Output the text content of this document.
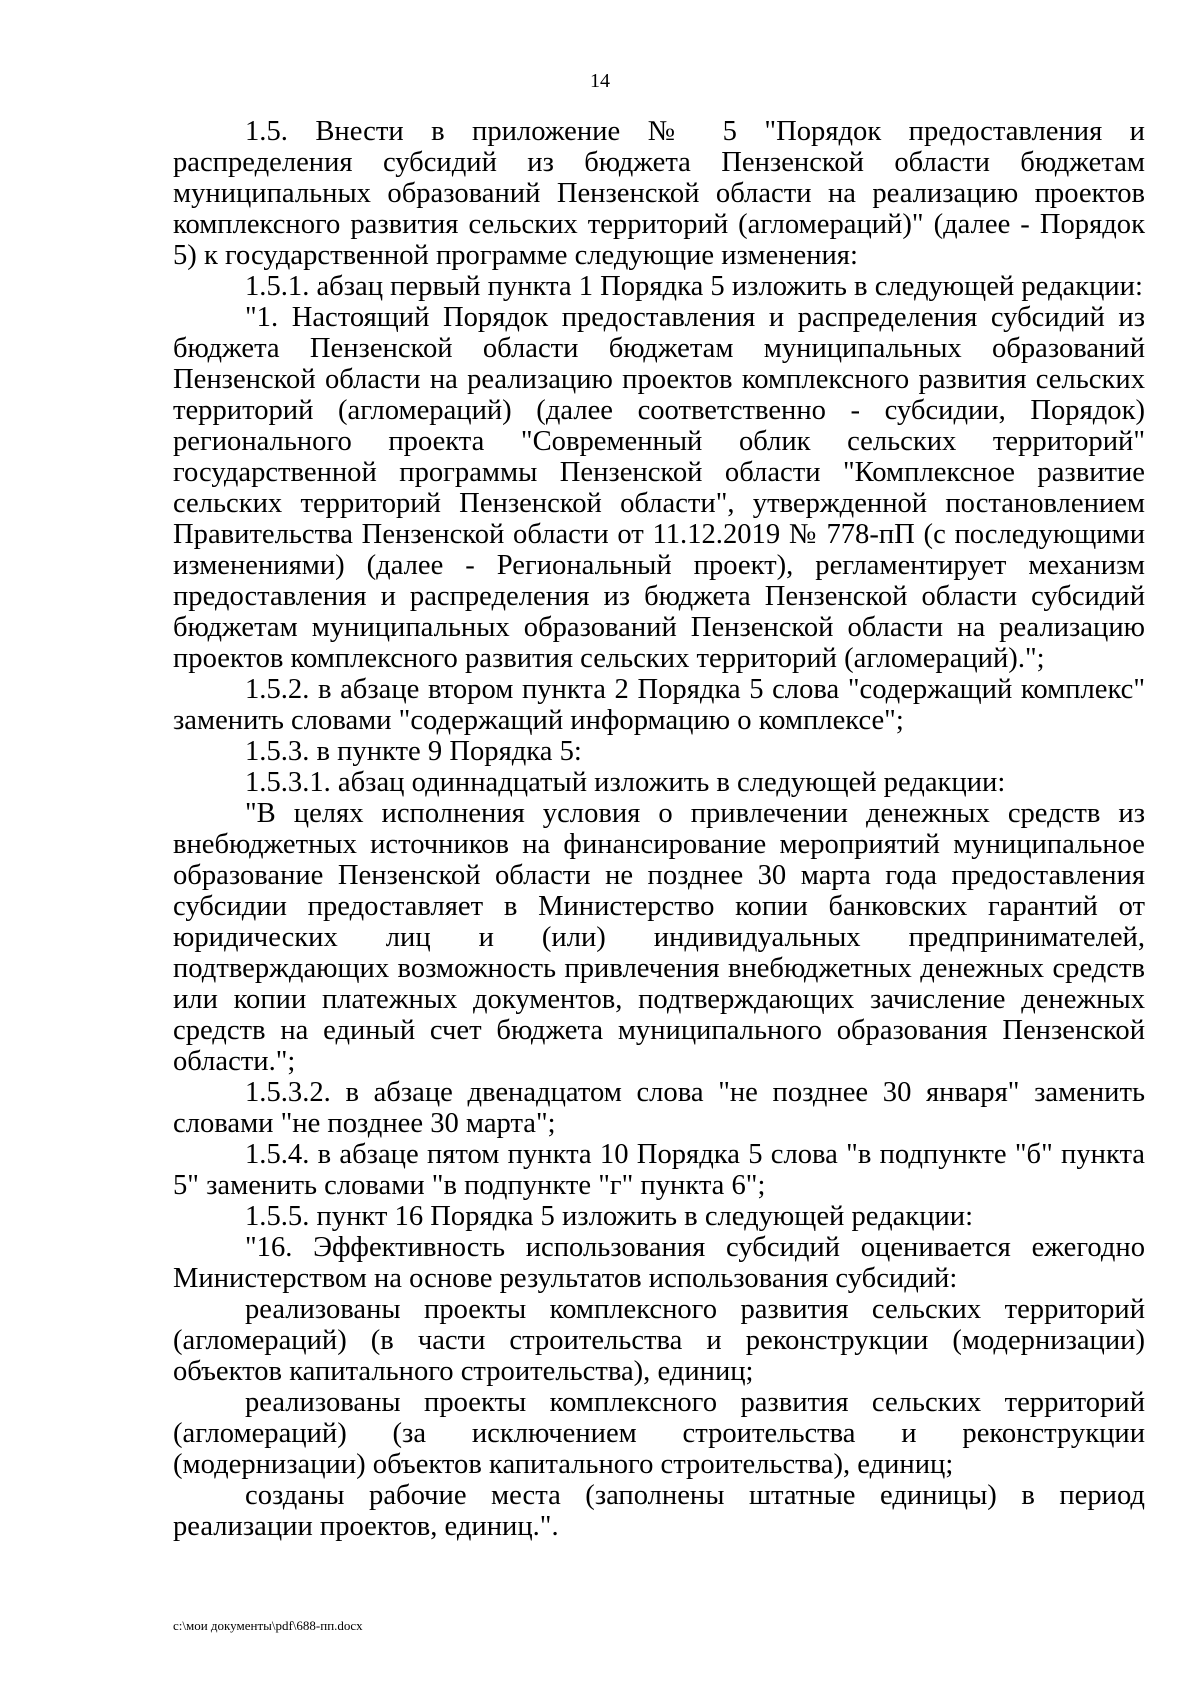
14

1.5. Внести в приложение № 5 "Порядок предоставления и распределения субсидий из бюджета Пензенской области бюджетам муниципальных образований Пензенской области на реализацию проектов комплексного развития сельских территорий (агломераций)" (далее - Порядок 5) к государственной программе следующие изменения:

1.5.1. абзац первый пункта 1 Порядка 5 изложить в следующей редакции:

"1. Настоящий Порядок предоставления и распределения субсидий из бюджета Пензенской области бюджетам муниципальных образований Пензенской области на реализацию проектов комплексного развития сельских территорий (агломераций) (далее соответственно - субсидии, Порядок) регионального проекта "Современный облик сельских территорий" государственной программы Пензенской области "Комплексное развитие сельских территорий Пензенской области", утвержденной постановлением Правительства Пензенской области от 11.12.2019 № 778-пП (с последующими изменениями) (далее - Региональный проект), регламентирует механизм предоставления и распределения из бюджета Пензенской области субсидий бюджетам муниципальных образований Пензенской области на реализацию проектов комплексного развития сельских территорий (агломераций).";

1.5.2. в абзаце втором пункта 2 Порядка 5 слова "содержащий комплекс" заменить словами "содержащий информацию о комплексе";

1.5.3. в пункте 9 Порядка 5:

1.5.3.1. абзац одиннадцатый изложить в следующей редакции:

"В целях исполнения условия о привлечении денежных средств из внебюджетных источников на финансирование мероприятий муниципальное образование Пензенской области не позднее 30 марта года предоставления субсидии предоставляет в Министерство копии банковских гарантий от юридических лиц и (или) индивидуальных предпринимателей, подтверждающих возможность привлечения внебюджетных денежных средств или копии платежных документов, подтверждающих зачисление денежных средств на единый счет бюджета муниципального образования Пензенской области.";

1.5.3.2. в абзаце двенадцатом слова "не позднее 30 января" заменить словами "не позднее 30 марта";

1.5.4. в абзаце пятом пункта 10 Порядка 5 слова "в подпункте "б" пункта 5" заменить словами "в подпункте "г" пункта 6";

1.5.5. пункт 16 Порядка 5 изложить в следующей редакции:

"16. Эффективность использования субсидий оценивается ежегодно Министерством на основе результатов использования субсидий:

реализованы проекты комплексного развития сельских территорий (агломераций) (в части строительства и реконструкции (модернизации) объектов капитального строительства), единиц;

реализованы проекты комплексного развития сельских территорий (агломераций) (за исключением строительства и реконструкции (модернизации) объектов капитального строительства), единиц;

созданы рабочие места (заполнены штатные единицы) в период реализации проектов, единиц.".

c:\мои документы\pdf\688-пп.docx
